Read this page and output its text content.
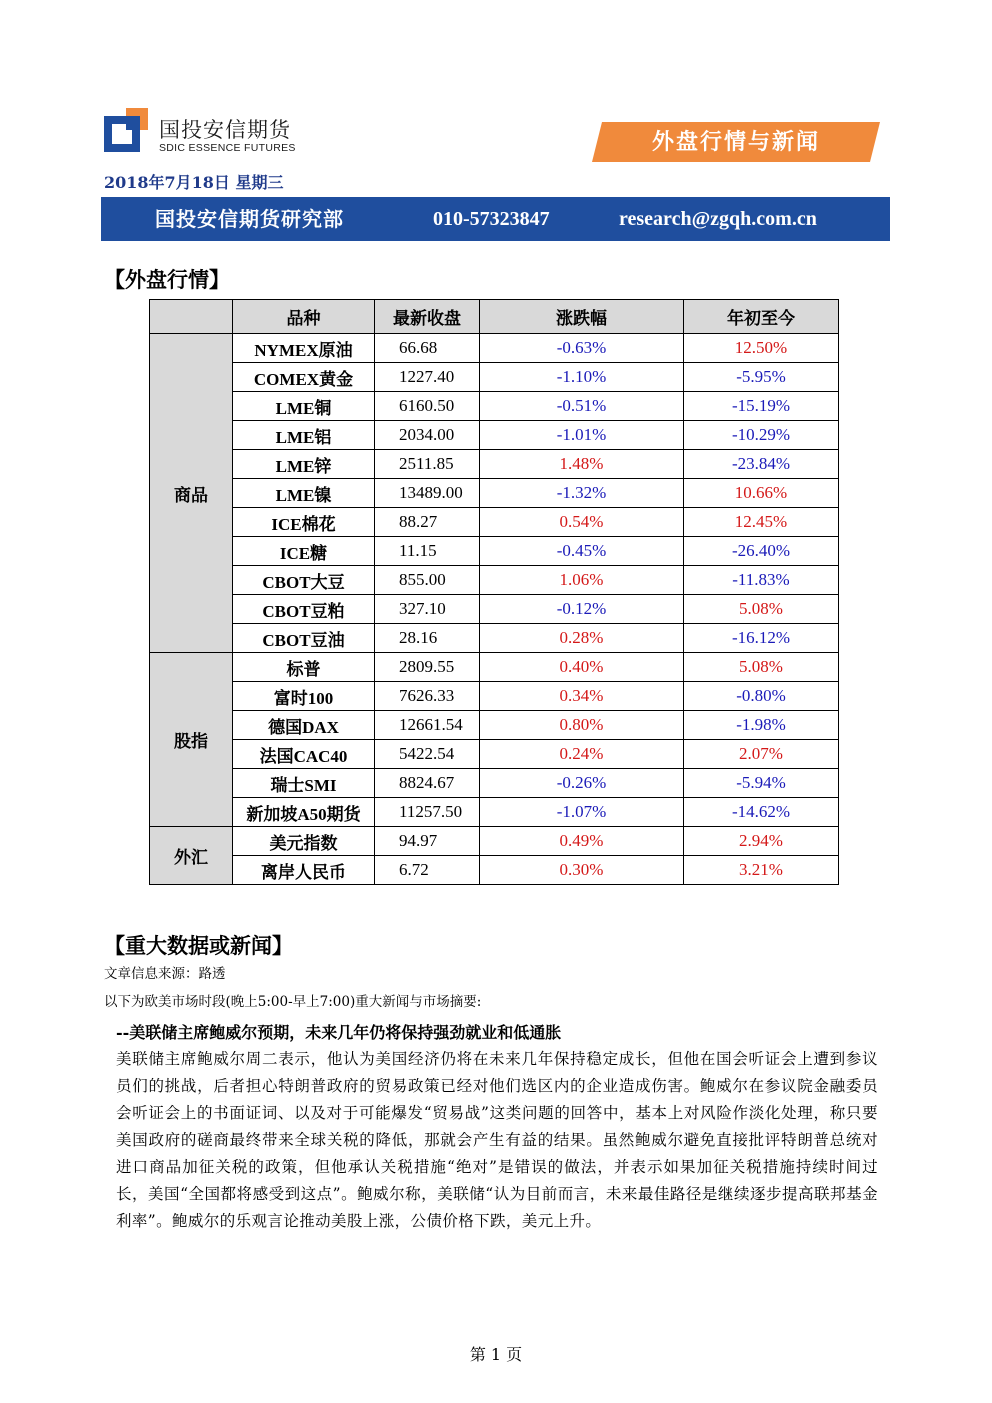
国投安信期货
SDIC ESSENCE FUTURES	外盘行情与新闻
2018年7月18日 星期三
国投安信期货研究部	010-57323847	research@zgqh.com.cn
【外盘行情】
	品种	最新收盘	涨跌幅	年初至今
商品	NYMEX原油	66.68	-0.63%	12.50%
	COMEX黄金	1227.40	-1.10%	-5.95%
	LME铜	6160.50	-0.51%	-15.19%
	LME铝	2034.00	-1.01%	-10.29%
	LME锌	2511.85	1.48%	-23.84%
	LME镍	13489.00	-1.32%	10.66%
	ICE棉花	88.27	0.54%	12.45%
	ICE糖	11.15	-0.45%	-26.40%
	CBOT大豆	855.00	1.06%	-11.83%
	CBOT豆粕	327.10	-0.12%	5.08%
	CBOT豆油	28.16	0.28%	-16.12%
股指	标普	2809.55	0.40%	5.08%
	富时100	7626.33	0.34%	-0.80%
	德国DAX	12661.54	0.80%	-1.98%
	法国CAC40	5422.54	0.24%	2.07%
	瑞士SMI	8824.67	-0.26%	-5.94%
	新加坡A50期货	11257.50	-1.07%	-14.62%
外汇	美元指数	94.97	0.49%	2.94%
	离岸人民币	6.72	0.30%	3.21%
【重大数据或新闻】
文章信息来源：路透
以下为欧美市场时段(晚上5:00-早上7:00)重大新闻与市场摘要:
--美联储主席鲍威尔预期，未来几年仍将保持强劲就业和低通胀
美联储主席鲍威尔周二表示，他认为美国经济仍将在未来几年保持稳定成长，但他在国会听证会上遭到参议员们的挑战，后者担心特朗普政府的贸易政策已经对他们选区内的企业造成伤害。鲍威尔在参议院金融委员会听证会上的书面证词、以及对于可能爆发“贸易战”这类问题的回答中，基本上对风险作淡化处理，称只要美国政府的磋商最终带来全球关税的降低，那就会产生有益的结果。虽然鲍威尔避免直接批评特朗普总统对进口商品加征关税的政策，但他承认关税措施“绝对”是错误的做法，并表示如果加征关税措施持续时间过长，美国“全国都将感受到这点”。鲍威尔称，美联储“认为目前而言，未来最佳路径是继续逐步提高联邦基金利率”。鲍威尔的乐观言论推动美股上涨，公债价格下跌，美元上升。
第 1 页
